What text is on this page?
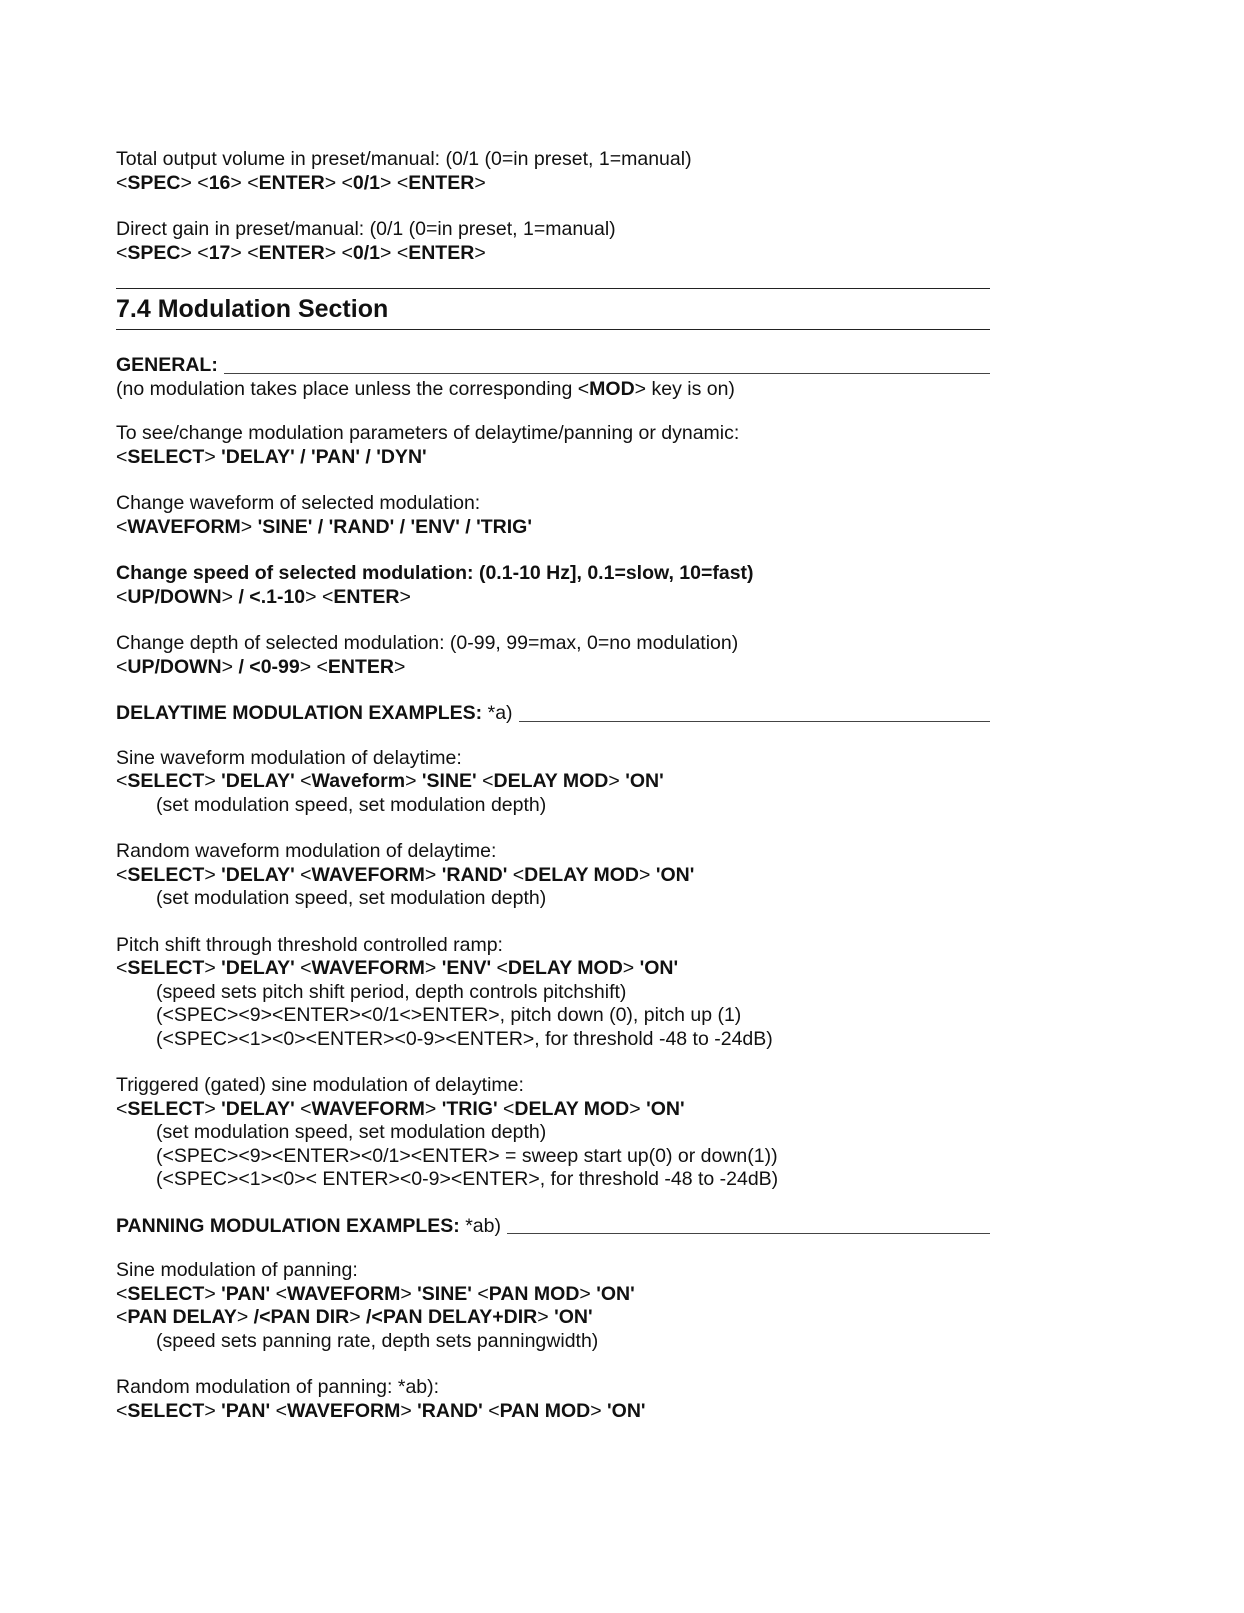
Total output volume in preset/manual: (0/1 (0=in preset, 1=manual)
<SPEC> <16> <ENTER> <0/1> <ENTER>
Direct gain in preset/manual: (0/1 (0=in preset, 1=manual)
<SPEC> <17> <ENTER> <0/1> <ENTER>
7.4 Modulation Section
GENERAL:
(no modulation takes place unless the corresponding <MOD> key is on)
To see/change modulation parameters of delaytime/panning or dynamic:
<SELECT> 'DELAY' / 'PAN' / 'DYN'
Change waveform of selected modulation:
<WAVEFORM> 'SINE' / 'RAND' / 'ENV' / 'TRIG'
Change speed of selected modulation: (0.1-10 Hz], 0.1=slow, 10=fast)
<UP/DOWN> / <.1-10> <ENTER>
Change depth of selected modulation: (0-99, 99=max, 0=no modulation)
<UP/DOWN> / <0-99> <ENTER>
DELAYTIME MODULATION EXAMPLES: *a)
Sine waveform modulation of delaytime:
<SELECT> 'DELAY' <Waveform> 'SINE' <DELAY MOD> 'ON'
(set modulation speed, set modulation depth)
Random waveform modulation of delaytime:
<SELECT> 'DELAY' <WAVEFORM> 'RAND' <DELAY MOD> 'ON'
(set modulation speed, set modulation depth)
Pitch shift through threshold controlled ramp:
<SELECT> 'DELAY' <WAVEFORM> 'ENV' <DELAY MOD> 'ON'
(speed sets pitch shift period, depth controls pitchshift)
(<SPEC><9><ENTER><0/1<>ENTER>, pitch down (0), pitch up (1)
(<SPEC><1><0><ENTER><0-9><ENTER>, for threshold -48 to -24dB)
Triggered (gated) sine modulation of delaytime:
<SELECT> 'DELAY' <WAVEFORM> 'TRIG' <DELAY MOD> 'ON'
(set modulation speed, set modulation depth)
(<SPEC><9><ENTER><0/1><ENTER> = sweep start up(0) or down(1))
(<SPEC><1><0>< ENTER><0-9><ENTER>, for threshold -48 to -24dB)
PANNING MODULATION EXAMPLES: *ab)
Sine modulation of panning:
<SELECT> 'PAN' <WAVEFORM> 'SINE' <PAN MOD> 'ON'
<PAN DELAY> /<PAN DIR> /<PAN DELAY+DIR> 'ON'
(speed sets panning rate, depth sets panningwidth)
Random modulation of panning: *ab):
<SELECT> 'PAN' <WAVEFORM> 'RAND' <PAN MOD> 'ON'
